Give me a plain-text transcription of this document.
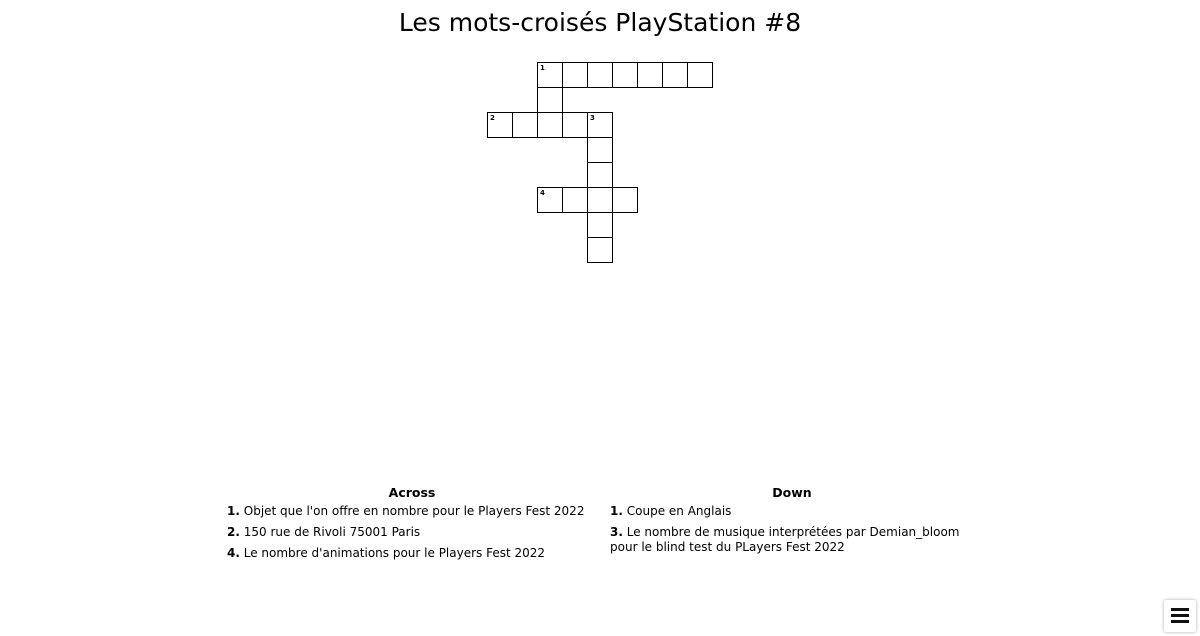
Les mots-croisés PlayStation #8
1
2	3
4
Across
1. Objet que l'on offre en nombre pour le Players Fest 2022
2. 150 rue de Rivoli 75001 Paris
4. Le nombre d'animations pour le Players Fest 2022
Down
1. Coupe en Anglais
3. Le nombre de musique interprétées par Demian_bloom pour le blind test du PLayers Fest 2022
